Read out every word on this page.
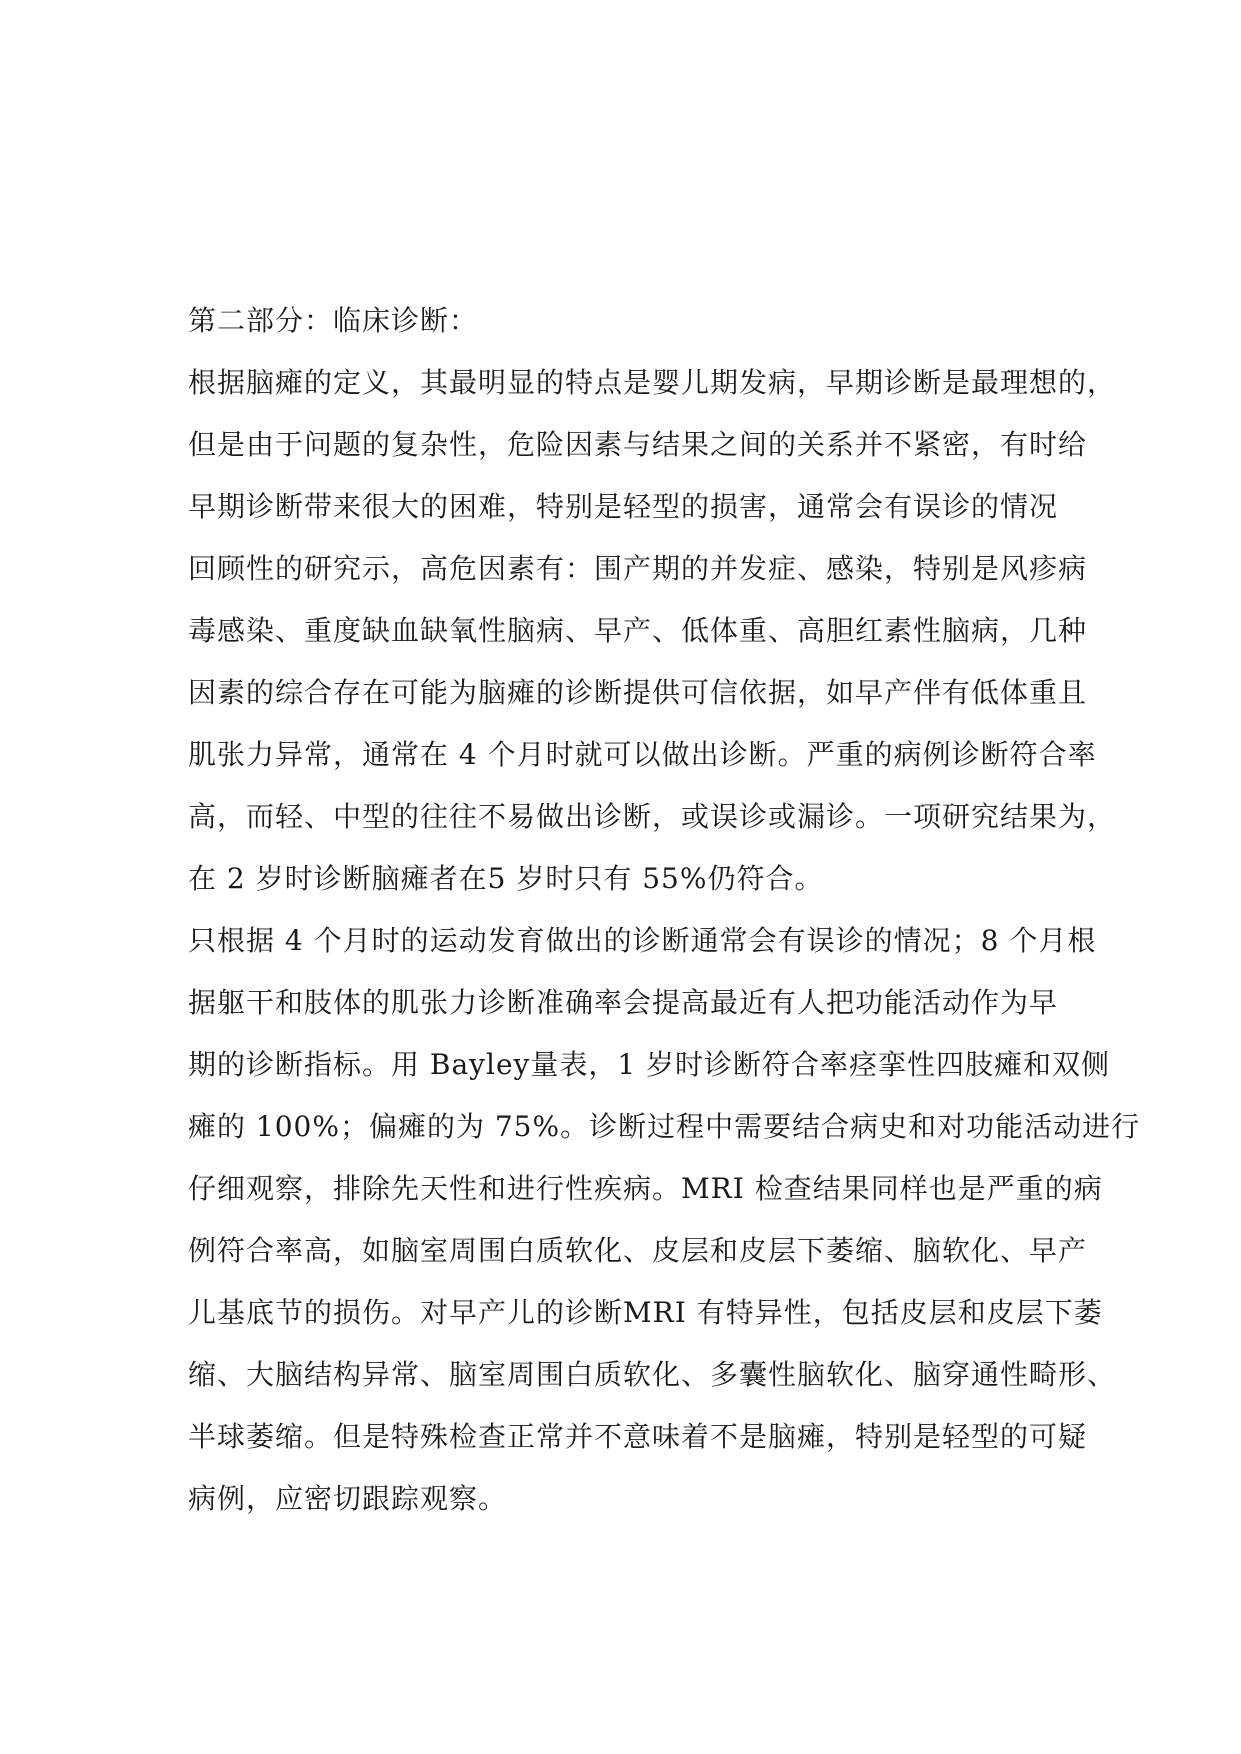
第二部分：临床诊断：

根据脑瘫的定义，其最明显的特点是婴儿期发病，早期诊断是最理想的，
但是由于问题的复杂性，危险因素与结果之间的关系并不紧密，有时给
早期诊断带来很大的困难，特别是轻型的损害，通常会有误诊的情况
回顾性的研究示，高危因素有：围产期的并发症、感染，特别是风疹病
毒感染、重度缺血缺氧性脑病、早产、低体重、高胆红素性脑病，几种
因素的综合存在可能为脑瘫的诊断提供可信依据，如早产伴有低体重且
肌张力异常，通常在 4 个月时就可以做出诊断。严重的病例诊断符合率
高，而轻、中型的往往不易做出诊断，或误诊或漏诊。一项研究结果为，
在 2 岁时诊断脑瘫者在5 岁时只有 55%仍符合。
只根据 4 个月时的运动发育做出的诊断通常会有误诊的情况；8 个月根
据躯干和肢体的肌张力诊断准确率会提高最近有人把功能活动作为早
期的诊断指标。用 Bayley量表，1 岁时诊断符合率痉挛性四肢瘫和双侧
瘫的 100%；偏瘫的为 75%。诊断过程中需要结合病史和对功能活动进行
仔细观察，排除先天性和进行性疾病。MRI 检查结果同样也是严重的病
例符合率高，如脑室周围白质软化、皮层和皮层下萎缩、脑软化、早产
儿基底节的损伤。对早产儿的诊断MRI 有特异性，包括皮层和皮层下萎
缩、大脑结构异常、脑室周围白质软化、多囊性脑软化、脑穿通性畸形、
半球萎缩。但是特殊检查正常并不意味着不是脑瘫，特别是轻型的可疑
病例，应密切跟踪观察。
